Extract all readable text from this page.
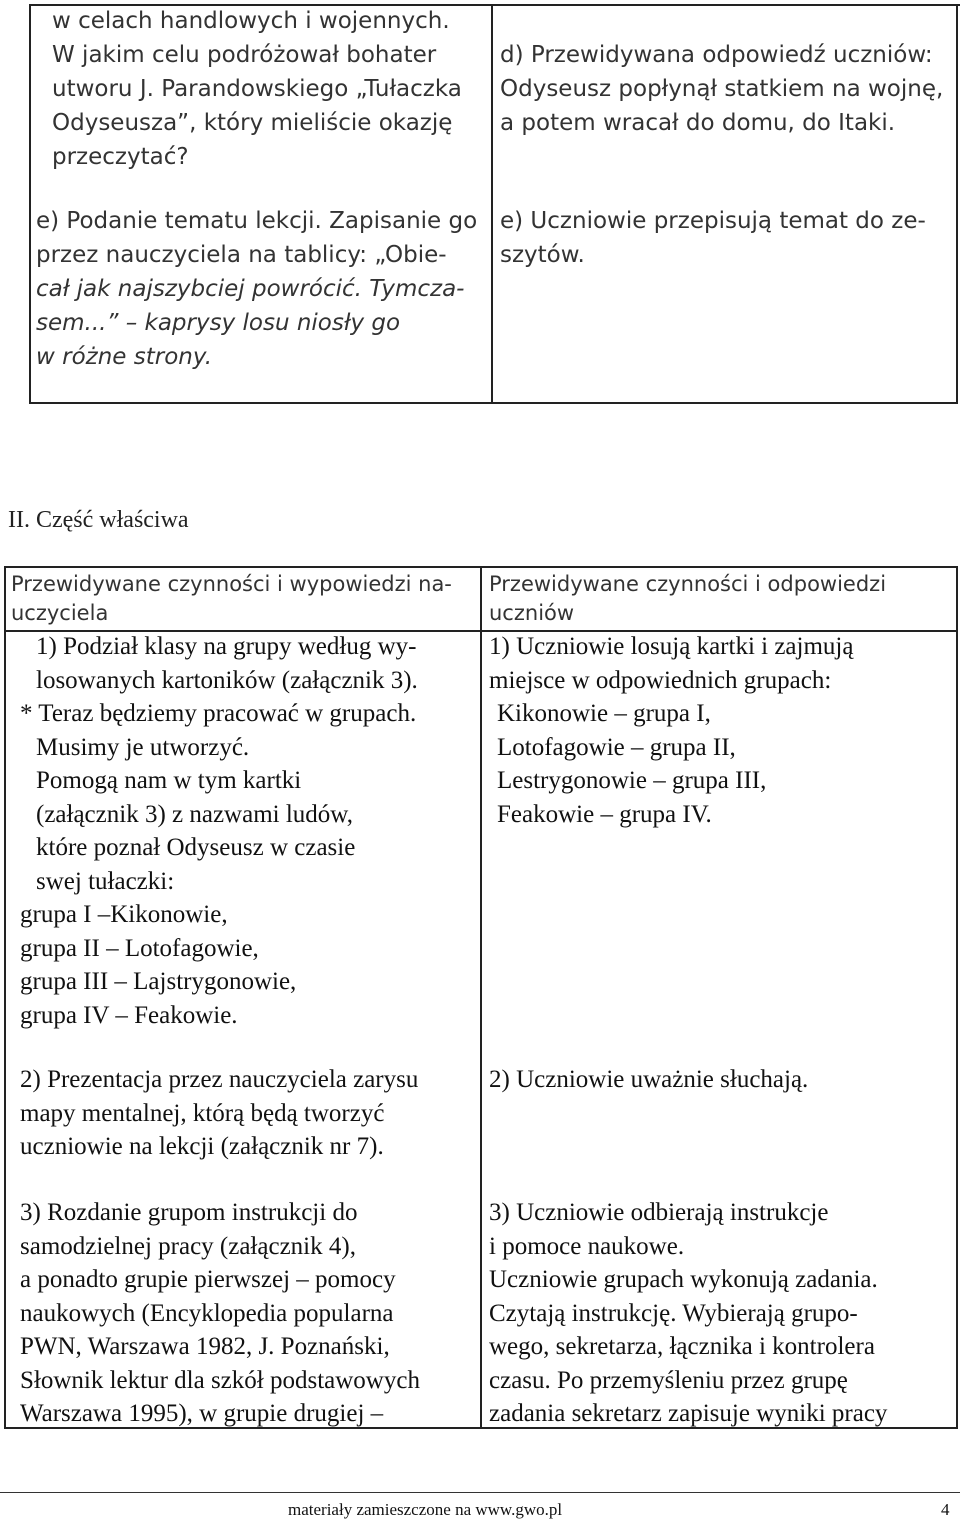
w celach handlowych i wojennych.
W jakim celu podróżował bohater
utworu J. Parandowskiego „Tułaczka
Odyseusza”, który mieliście okazję
przeczytać?
e) Podanie tematu lekcji. Zapisanie go
przez nauczyciela na tablicy: „Obie-
cał jak najszybciej powrócić. Tymcza-
sem...” – kaprysy losu niosły go
w różne strony.
d) Przewidywana odpowiedź uczniów:
Odyseusz popłynął statkiem na wojnę,
a potem wracał do domu, do Itaki.
e) Uczniowie przepisują temat do ze-
szytów.
II. Część właściwa
Przewidywane czynności i wypowiedzi na-
uczyciela
Przewidywane czynności i odpowiedzi
uczniów
1) Podział klasy na grupy według wy-
losowanych kartoników (załącznik 3).
* Teraz będziemy pracować w grupach.
Musimy je utworzyć.
Pomogą nam w tym kartki
(załącznik 3) z nazwami ludów,
które poznał Odyseusz w czasie
swej tułaczki:
grupa I –Kikonowie,
grupa II – Lotofagowie,
grupa III – Lajstrygonowie,
grupa IV – Feakowie.
1) Uczniowie losują kartki i zajmują
miejsce w odpowiednich grupach:
Kikonowie – grupa I,
Lotofagowie – grupa II,
Lestrygonowie – grupa III,
Feakowie – grupa IV.
2) Prezentacja przez nauczyciela zarysu
mapy mentalnej, którą będą tworzyć
uczniowie na lekcji (załącznik nr 7).
2) Uczniowie uważnie słuchają.
3) Rozdanie grupom instrukcji do
samodzielnej pracy (załącznik 4),
a ponadto grupie pierwszej – pomocy
naukowych (Encyklopedia popularna
PWN, Warszawa 1982, J. Poznański,
Słownik lektur dla szkół podstawowych
Warszawa 1995), w grupie drugiej –
3) Uczniowie odbierają instrukcje
i pomoce naukowe.
Uczniowie grupach wykonują zadania.
Czytają instrukcję. Wybierają grupo-
wego, sekretarza, łącznika i kontrolera
czasu. Po przemyśleniu przez grupę
zadania sekretarz zapisuje wyniki pracy
materiały zamieszczone na www.gwo.pl	4
